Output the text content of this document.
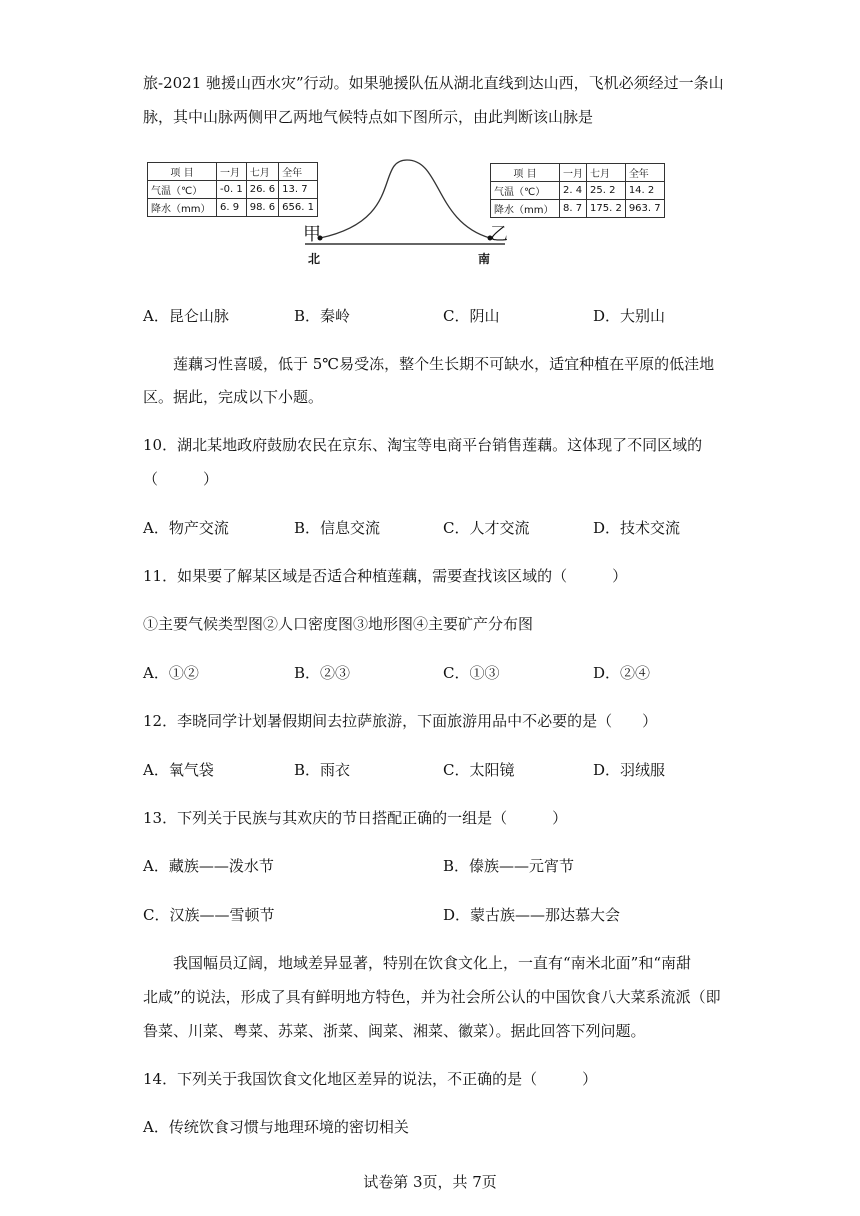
旅-2021 驰援山西水灾”行动。如果驰援队伍从湖北直线到达山西，飞机必须经过一条山
脉，其中山脉两侧甲乙两地气候特点如下图所示，由此判断该山脉是
项 目	一月	七月	全年
气温（℃）	-0. 1	26. 6	13. 7
降水（mm）	6. 9	98. 6	656. 1
项 目	一月	七月	全年
气温（℃）	2. 4	25. 2	14. 2
降水（mm）	8. 7	175. 2	963. 7
甲	乙
北	南
A．昆仑山脉	B．秦岭	C．阴山	D．大别山
莲藕习性喜暖，低于 5℃易受冻，整个生长期不可缺水，适宜种植在平原的低洼地
区。据此，完成以下小题。
10．湖北某地政府鼓励农民在京东、淘宝等电商平台销售莲藕。这体现了不同区域的
（　　　）
A．物产交流	B．信息交流	C．人才交流	D．技术交流
11．如果要了解某区域是否适合种植莲藕，需要查找该区域的（　　　）
①主要气候类型图②人口密度图③地形图④主要矿产分布图
A．①②	B．②③	C．①③	D．②④
12．李晓同学计划暑假期间去拉萨旅游，下面旅游用品中不必要的是（　　）
A．氧气袋	B．雨衣	C．太阳镜	D．羽绒服
13．下列关于民族与其欢庆的节日搭配正确的一组是（　　　）
A．藏族——泼水节	B．傣族——元宵节
C．汉族——雪顿节	D．蒙古族——那达慕大会
我国幅员辽阔，地域差异显著，特别在饮食文化上，一直有“南米北面”和“南甜
北咸”的说法，形成了具有鲜明地方特色，并为社会所公认的中国饮食八大菜系流派（即
鲁菜、川菜、粤菜、苏菜、浙菜、闽菜、湘菜、徽菜）。据此回答下列问题。
14．下列关于我国饮食文化地区差异的说法，不正确的是（　　　）
A．传统饮食习惯与地理环境的密切相关
试卷第 3页，共 7页
